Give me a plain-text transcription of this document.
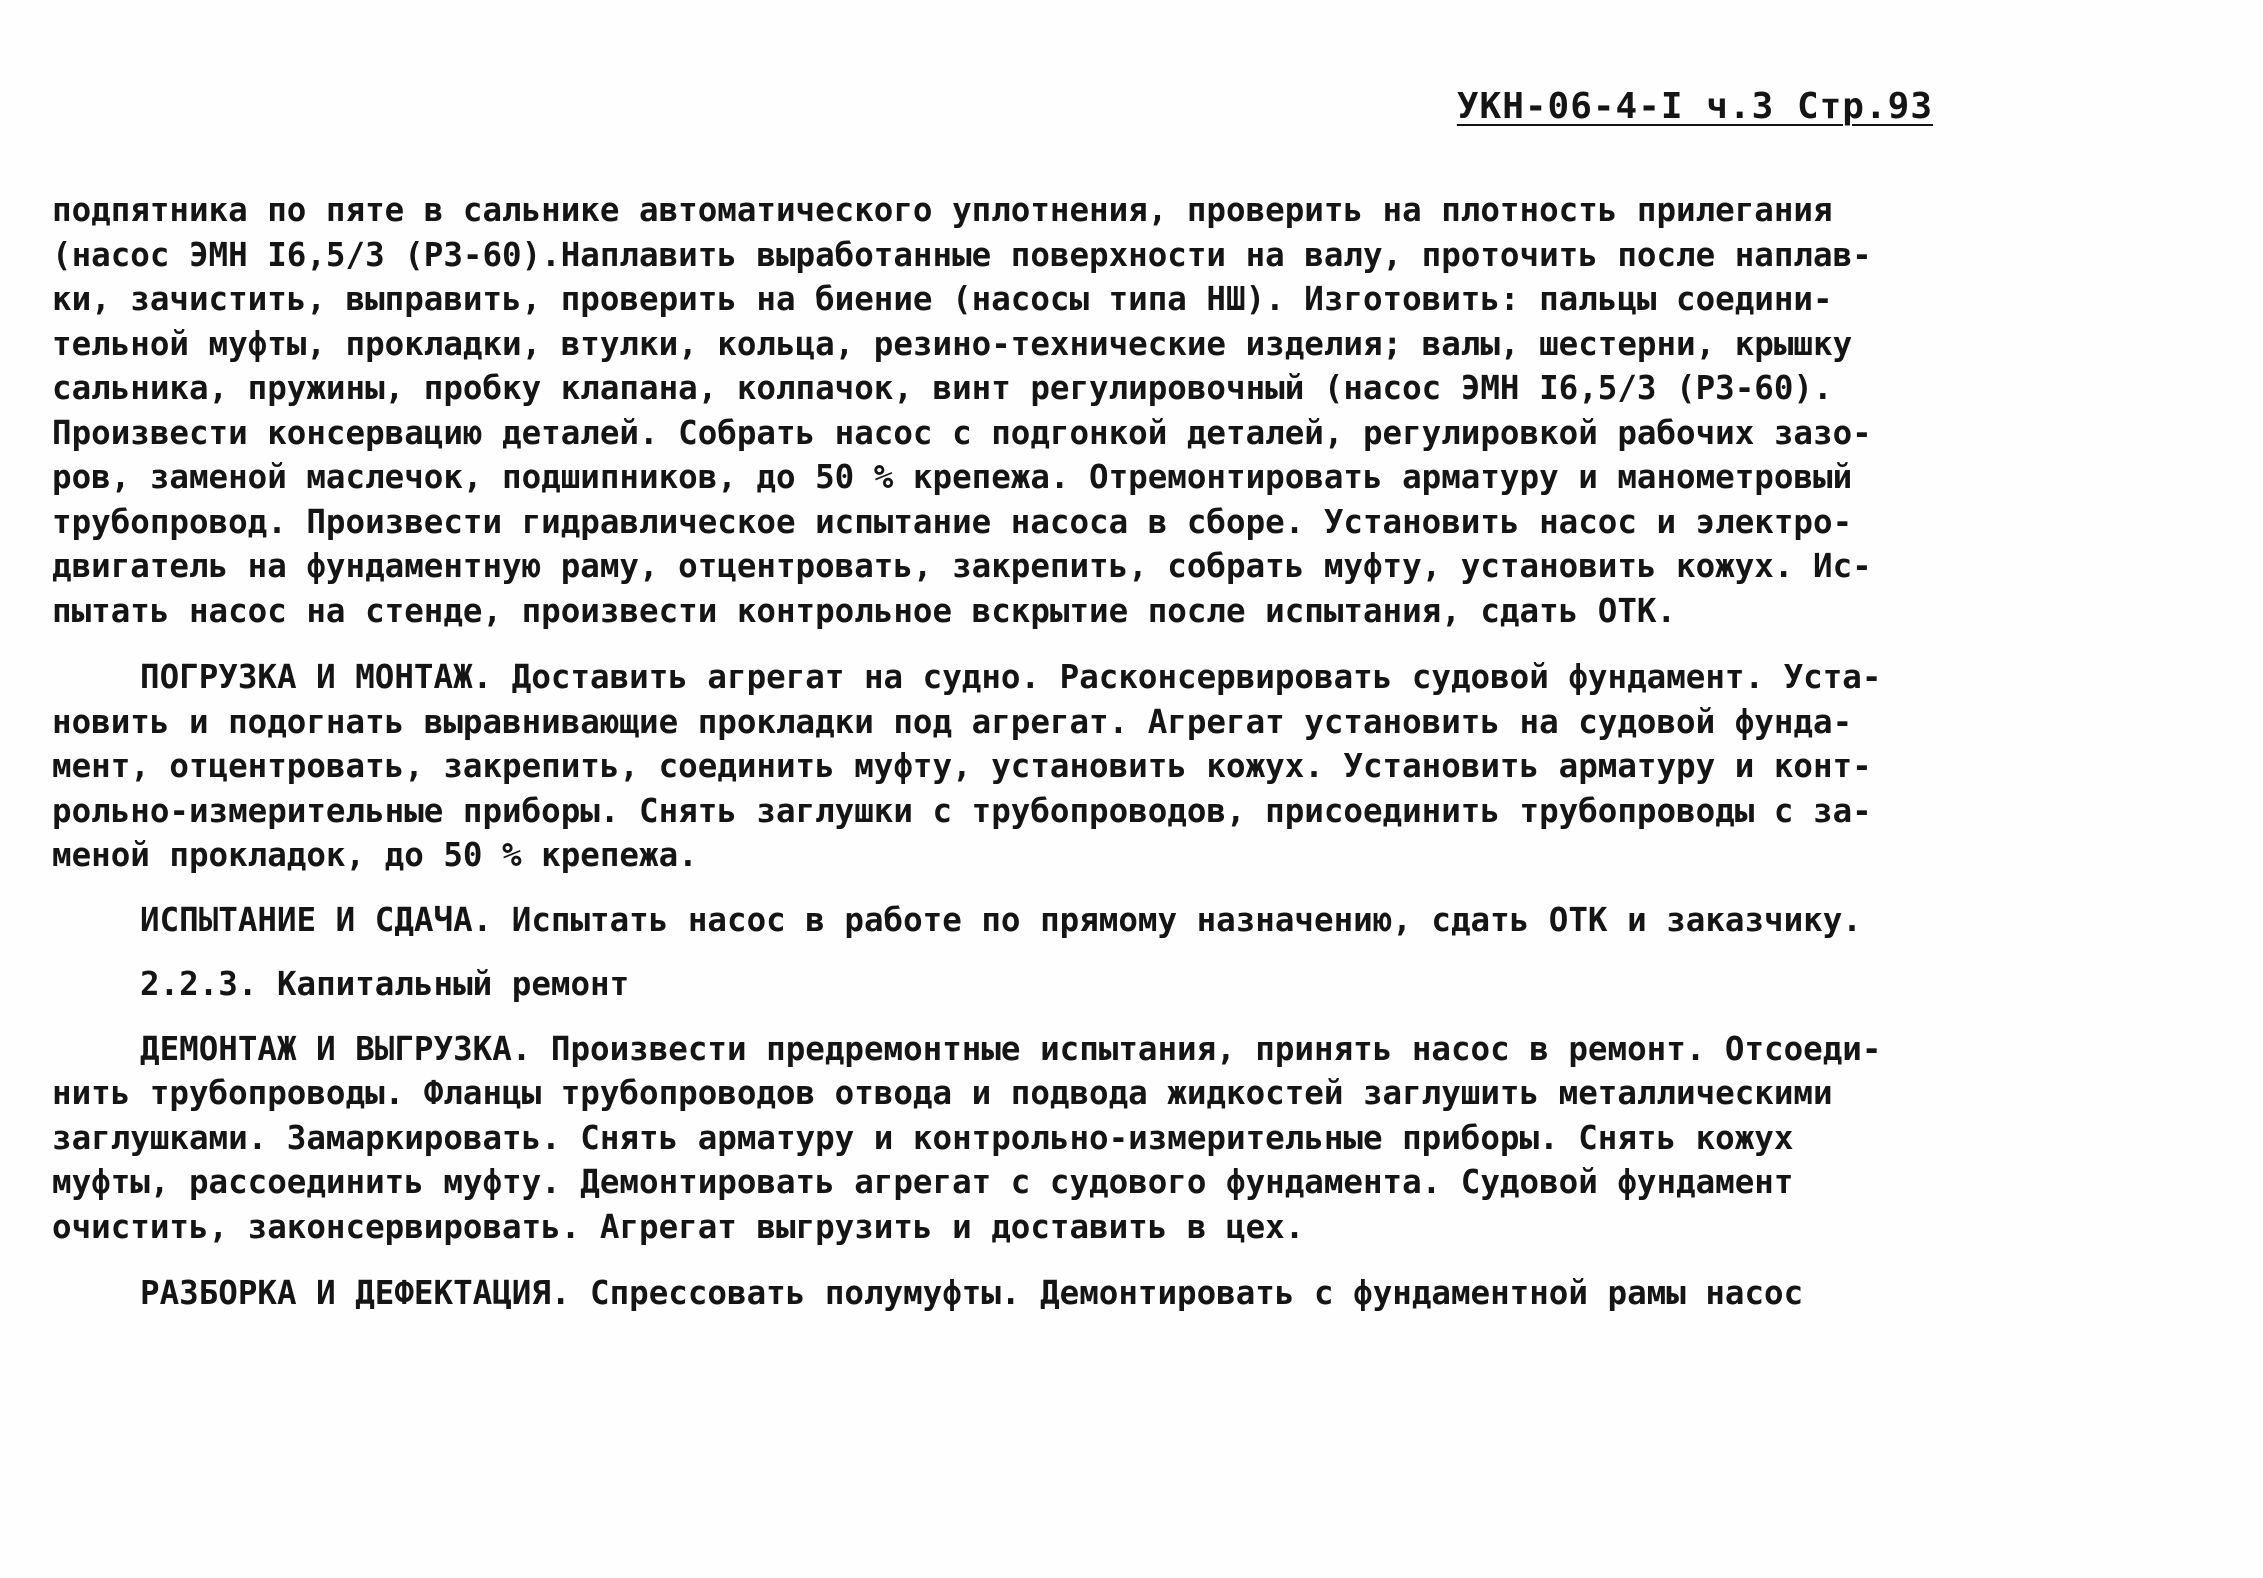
УКН-06-4-I ч.3 Стр.93
подпятника по пяте в сальнике автоматического уплотнения, проверить на плотность прилегания
(насос ЭМН I6,5/3 (РЗ-60).Наплавить выработанные поверхности на валу, проточить после наплав-
ки, зачистить, выправить, проверить на биение (насосы типа НШ). Изготовить: пальцы соедини-
тельной муфты, прокладки, втулки, кольца, резино-технические изделия; валы, шестерни, крышку
сальника, пружины, пробку клапана, колпачок, винт регулировочный (насос ЭМН I6,5/3 (РЗ-60).
Произвести консервацию деталей. Собрать насос с подгонкой деталей, регулировкой рабочих зазо-
ров, заменой маслечок, подшипников, до 50 % крепежа. Отремонтировать арматуру и манометровый
трубопровод. Произвести гидравлическое испытание насоса в сборе. Установить насос и электро-
двигатель на фундаментную раму, отцентровать, закрепить, собрать муфту, установить кожух. Ис-
пытать насос на стенде, произвести контрольное вскрытие после испытания, сдать ОТК.
ПОГРУЗКА И МОНТАЖ. Доставить агрегат на судно. Расконсервировать судовой фундамент. Уста-
новить и подогнать выравнивающие прокладки под агрегат. Агрегат установить на судовой фунда-
мент, отцентровать, закрепить, соединить муфту, установить кожух. Установить арматуру и конт-
рольно-измерительные приборы. Снять заглушки с трубопроводов, присоединить трубопроводы с за-
меной прокладок, до 50 % крепежа.
ИСПЫТАНИЕ И СДАЧА. Испытать насос в работе по прямому назначению, сдать ОТК и заказчику.
2.2.3. Капитальный ремонт
ДЕМОНТАЖ И ВЫГРУЗКА. Произвести предремонтные испытания, принять насос в ремонт. Отсоеди-
нить трубопроводы. Фланцы трубопроводов отвода и подвода жидкостей заглушить металлическими
заглушками. Замаркировать. Снять арматуру и контрольно-измерительные приборы. Снять кожух
муфты, рассоединить муфту. Демонтировать агрегат с судового фундамента. Судовой фундамент
очистить, законсервировать. Агрегат выгрузить и доставить в цех.
РАЗБОРКА И ДЕФЕКТАЦИЯ. Спрессовать полумуфты. Демонтировать с фундаментной рамы насос
